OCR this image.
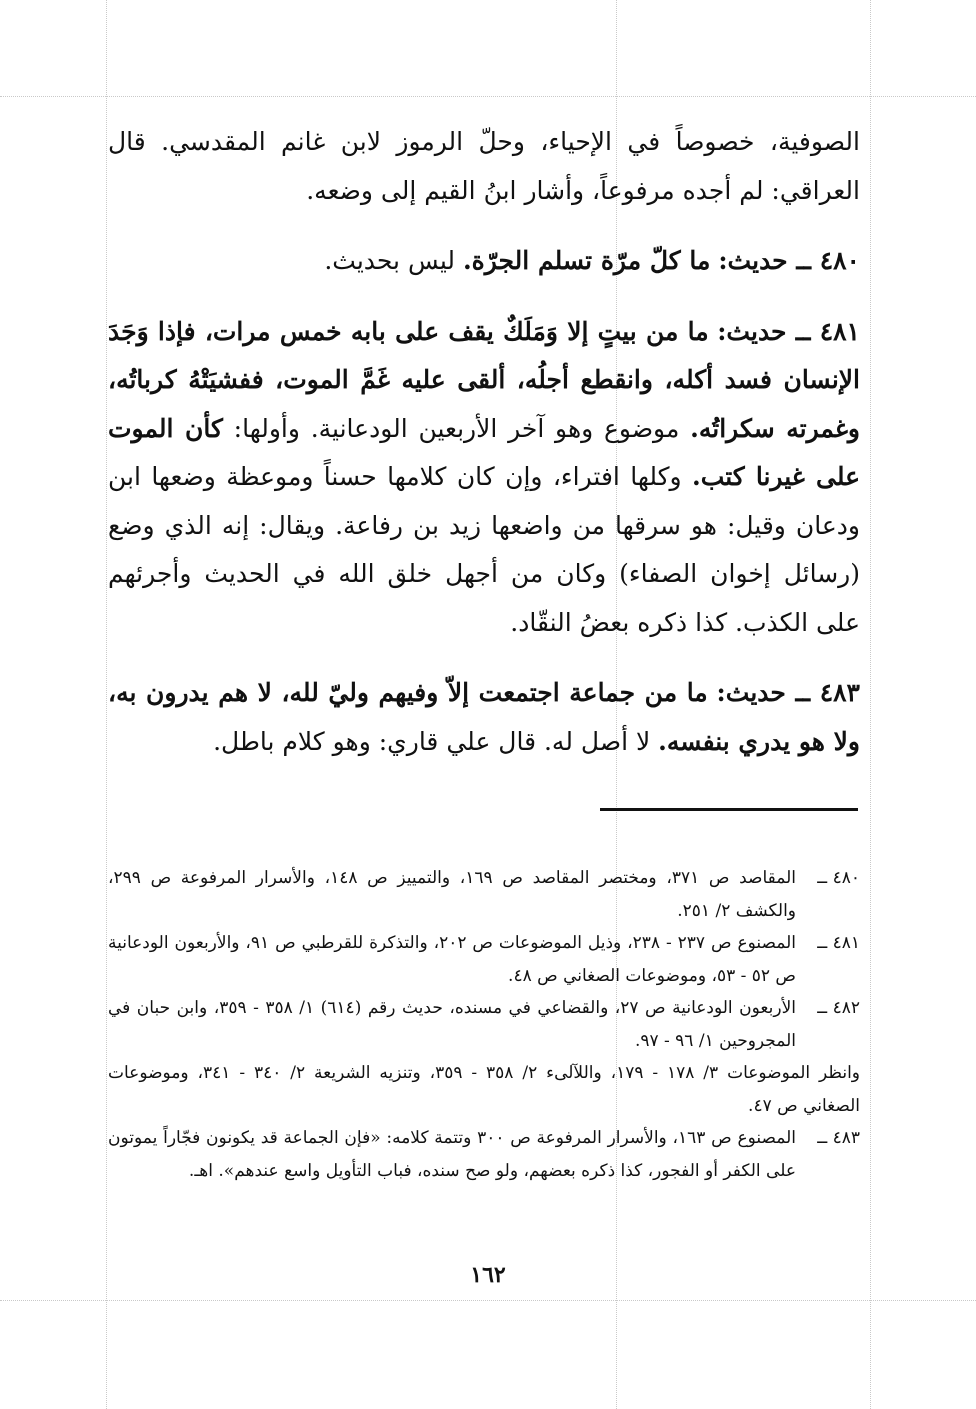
الصوفية، خصوصاً في الإحياء، وحلّ الرموز لابن غانم المقدسي. قال العراقي: لم أجده مرفوعاً، وأشار ابنُ القيم إلى وضعه.

٤٨٠ ــ حديث: ما كلّ مرّة تسلم الجرّة. ليس بحديث.

٤٨١ ــ حديث: ما من بيتٍ إلا وَمَلَكٌ يقف على بابه خمس مرات، فإذا وَجَدَ الإنسان فسد أكله، وانقطع أجلُه، ألقى عليه غَمَّ الموت، ففشيَتْهُ كرباتُه، وغمرته سكراتُه. موضوع وهو آخر الأربعين الودعانية. وأولها: كأن الموت على غيرنا كتب. وكلها افتراء، وإن كان كلامها حسناً وموعظة وضعها ابن ودعان وقيل: هو سرقها من واضعها زيد بن رفاعة. ويقال: إنه الذي وضع (رسائل إخوان الصفاء) وكان من أجهل خلق الله في الحديث وأجرئهم على الكذب. كذا ذكره بعضُ النقّاد.

٤٨٣ ــ حديث: ما من جماعة اجتمعت إلاّ وفيهم وليّ لله، لا هم يدرون به، ولا هو يدري بنفسه. لا أصل له. قال علي قاري: وهو كلام باطل.

٤٨٠ ــالمقاصد ص ٣٧١، ومختصر المقاصد ص ١٦٩، والتمييز ص ١٤٨، والأسرار المرفوعة ص ٢٩٩، والكشف ٢/ ٢٥١.

٤٨١ ــالمصنوع ص ٢٣٧ - ٢٣٨، وذيل الموضوعات ص ٢٠٢، والتذكرة للقرطبي ص ٩١، والأربعون الودعانية ص ٥٢ - ٥٣، وموضوعات الصغاني ص ٤٨.

٤٨٢ ــالأربعون الودعانية ص ٢٧، والقضاعي في مسنده، حديث رقم (٦١٤) ١/ ٣٥٨ - ٣٥٩، وابن حبان في المجروحين ١/ ٩٦ - ٩٧.

وانظر الموضوعات ٣/ ١٧٨ - ١٧٩، واللآلىء ٢/ ٣٥٨ - ٣٥٩، وتنزيه الشريعة ٢/ ٣٤٠ - ٣٤١، وموضوعات الصغاني ص ٤٧.

٤٨٣ ــالمصنوع ص ١٦٣، والأسرار المرفوعة ص ٣٠٠ وتتمة كلامه: «فإن الجماعة قد يكونون فجّاراً يموتون على الكفر أو الفجور، كذا ذكره بعضهم، ولو صح سنده، فباب التأويل واسع عندهم». اهـ.

١٦٢
